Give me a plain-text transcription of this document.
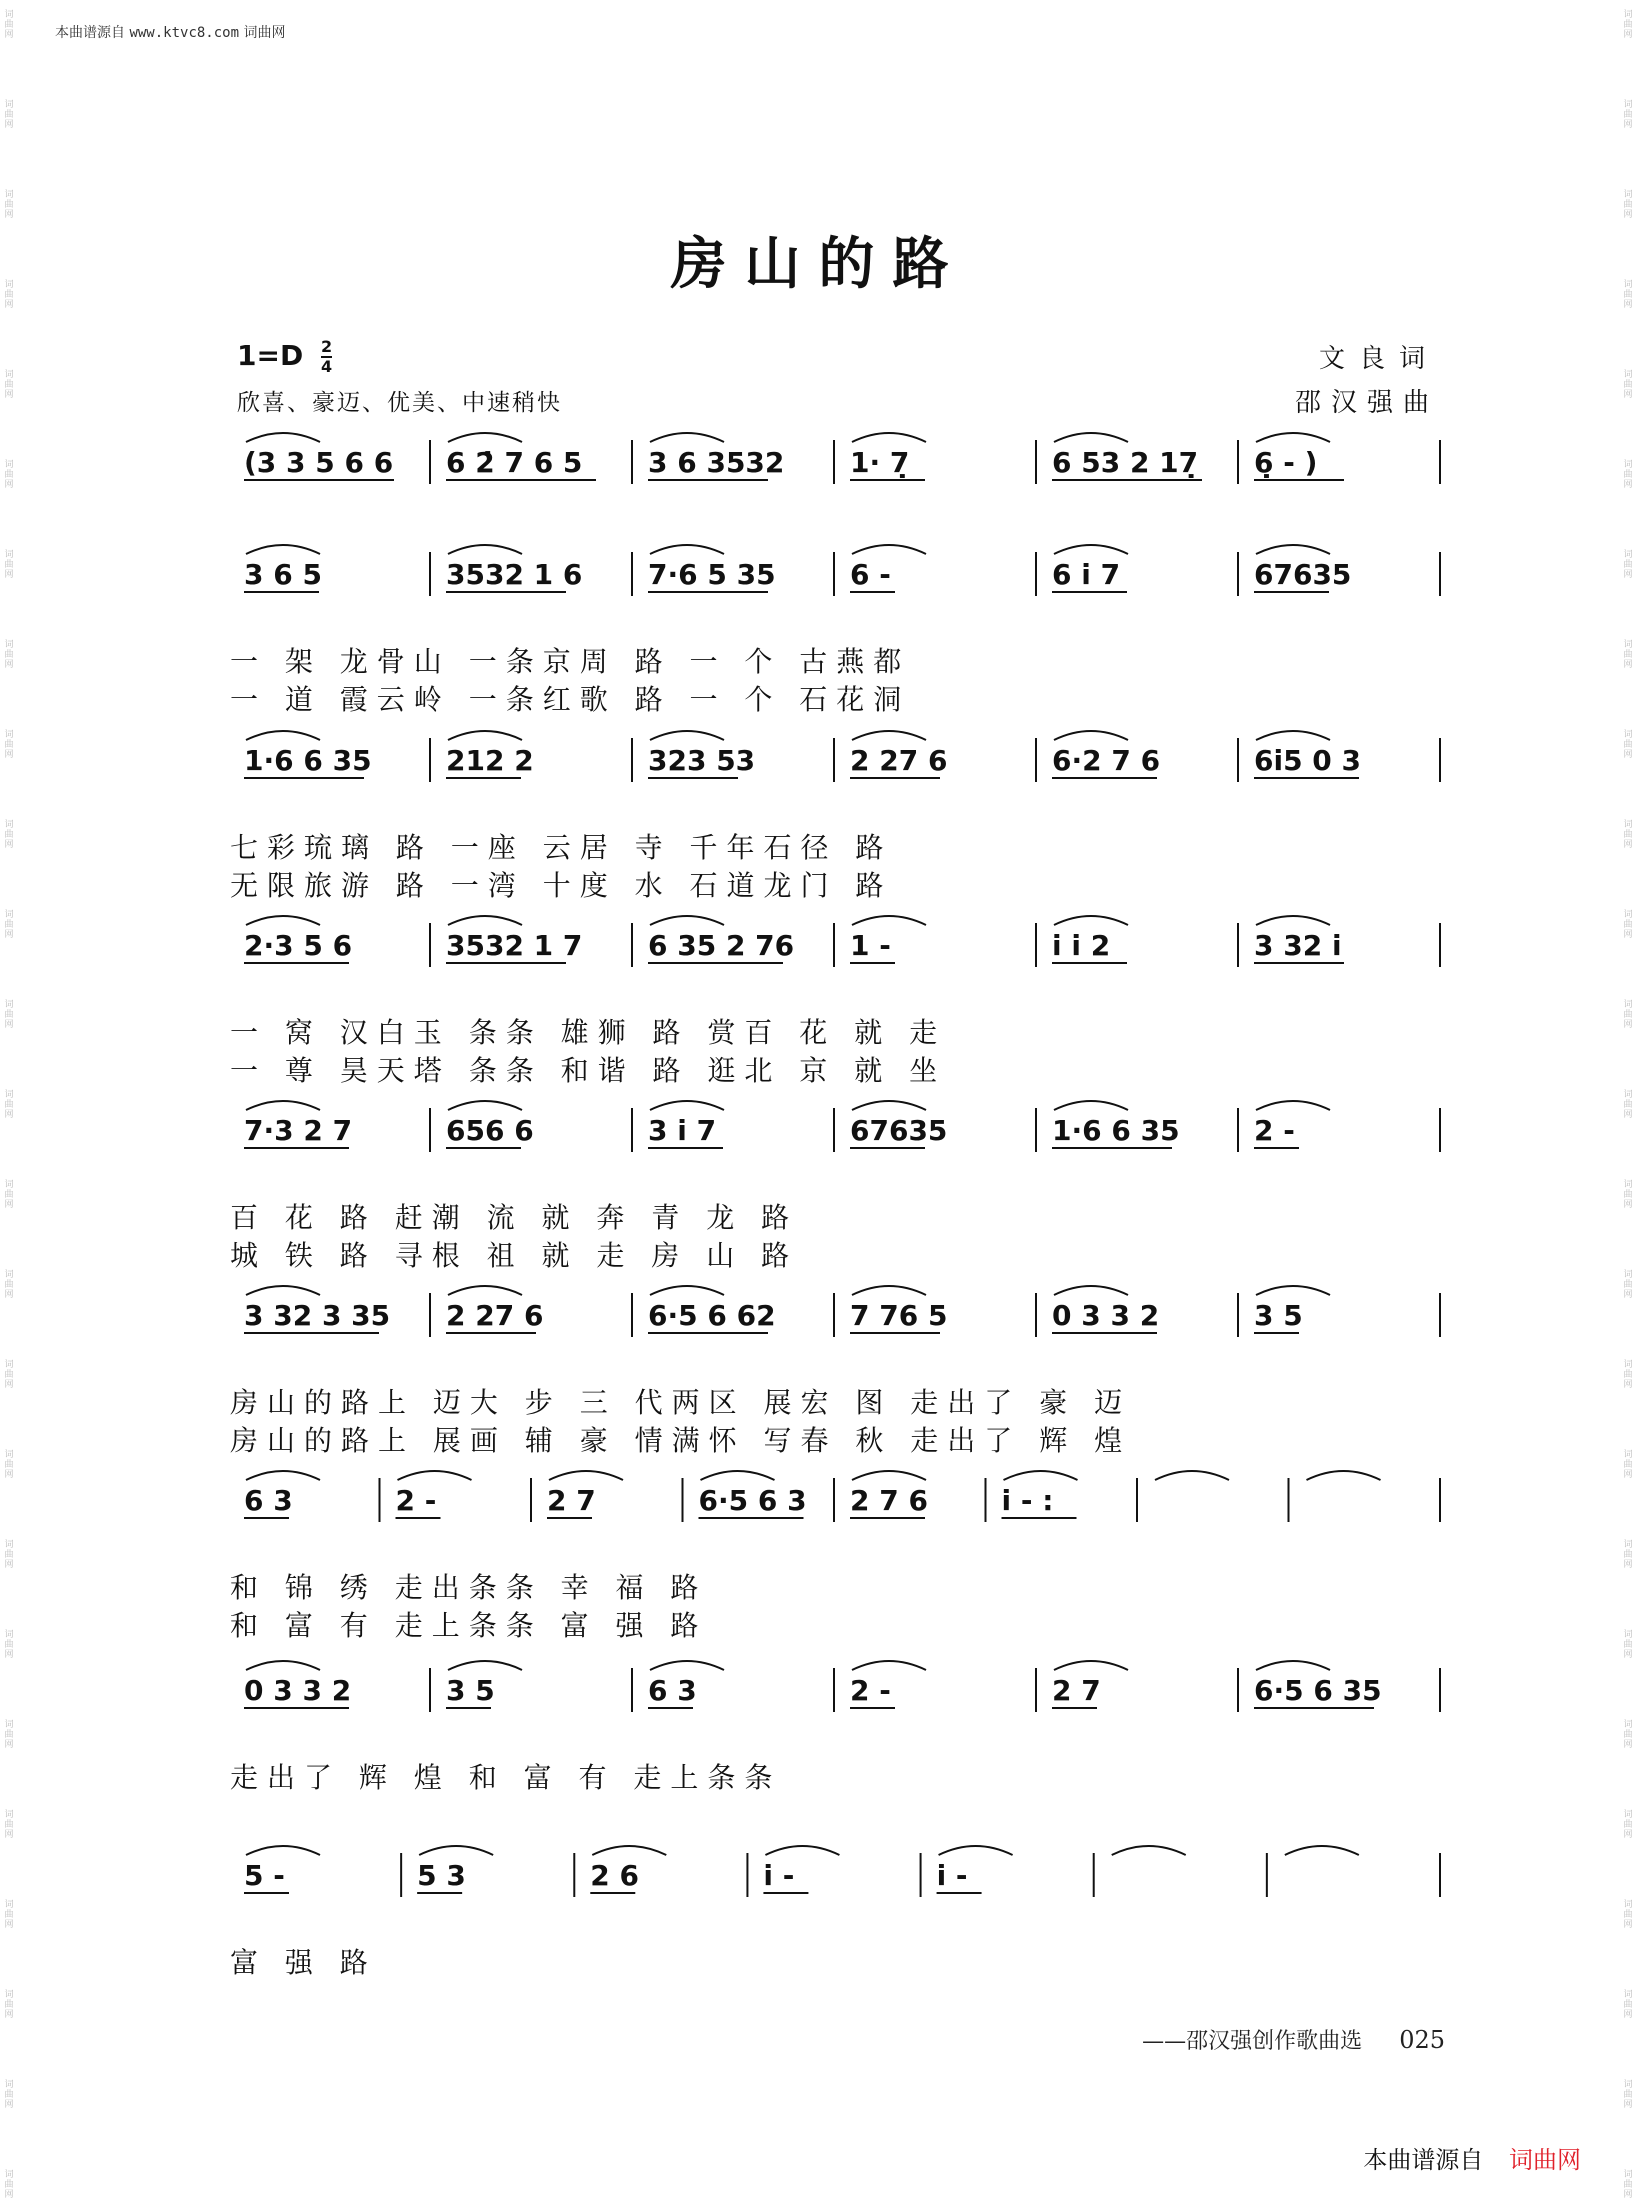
本曲谱源自 www.ktvc8.com 词曲网
房山的路
$1=D \frac{2}{4}$
欣喜、豪迈、优美、中速稍快
文良词
邵汉强曲
(3 3 5 6 6 6 2̇ 7 6 5 3 6 3532 1· 7̣	6 53 2 17̣ 6̣ - )
3 6 5	3532 1 6 7·6 5 35	6 -	6 i 7	67635
一 架 龙骨山 一条京周 路 一 个 古燕都
一 道 霞云岭 一条红歌 路 一 个 石花洞
1·6 6 35	212 2	323 53	2 27 6	6·2 7 6	6i5 0 3
七彩琉璃 路 一座 云居 寺 千年石径 路
无限旅游 路 一湾 十度 水 石道龙门 路
2·3 5 6	3532 1 7 6 35 2 76 1 -	i i 2	3 32 i
一 窝 汉白玉 条条 雄狮 路 赏百 花 就 走
一 尊 昊天塔 条条 和谐 路 逛北 京 就 坐
7·3 2 7	656 6	3 i 7	67635	1·6 6 35	2 -
百 花 路 赶潮 流 就 奔 青 龙 路
城 铁 路 寻根 祖 就 走 房 山 路
3 32 3 35 2 27 6	6·5 6 62	7 76 5	0 3 3 2	3 5
房山的路上 迈大 步 三 代两区 展宏 图 走出了 豪 迈
房山的路上 展画 辅 豪 情满怀 写春 秋 走出了 辉 煌
6 3	2 -	2 7	6·5 6 3 2 7 6	i - :
和 锦 绣 走出条条 幸 福 路
和 富 有 走上条条 富 强 路
0 3 3 2	3 5	6 3	2 -	2 7	6·5 6 35
走出了 辉 煌 和 富 有 走上条条
5 -	5 3	2 6	i -	i -
富 强 路
——邵汉强创作歌曲选 025
本曲谱源自 词曲网
词曲网
词曲网
词曲网
词曲网
词曲网
词曲网
词曲网
词曲网
词曲网
词曲网
词曲网
词曲网
词曲网
词曲网
词曲网
词曲网
词曲网
词曲网
词曲网
词曲网
词曲网
词曲网
词曲网
词曲网
词曲网
词曲网
词曲网
词曲网
词曲网
词曲网
词曲网
词曲网
词曲网
词曲网
词曲网
词曲网
词曲网
词曲网
词曲网
词曲网
词曲网
词曲网
词曲网
词曲网
词曲网
词曲网
词曲网
词曲网
词曲网
词曲网
